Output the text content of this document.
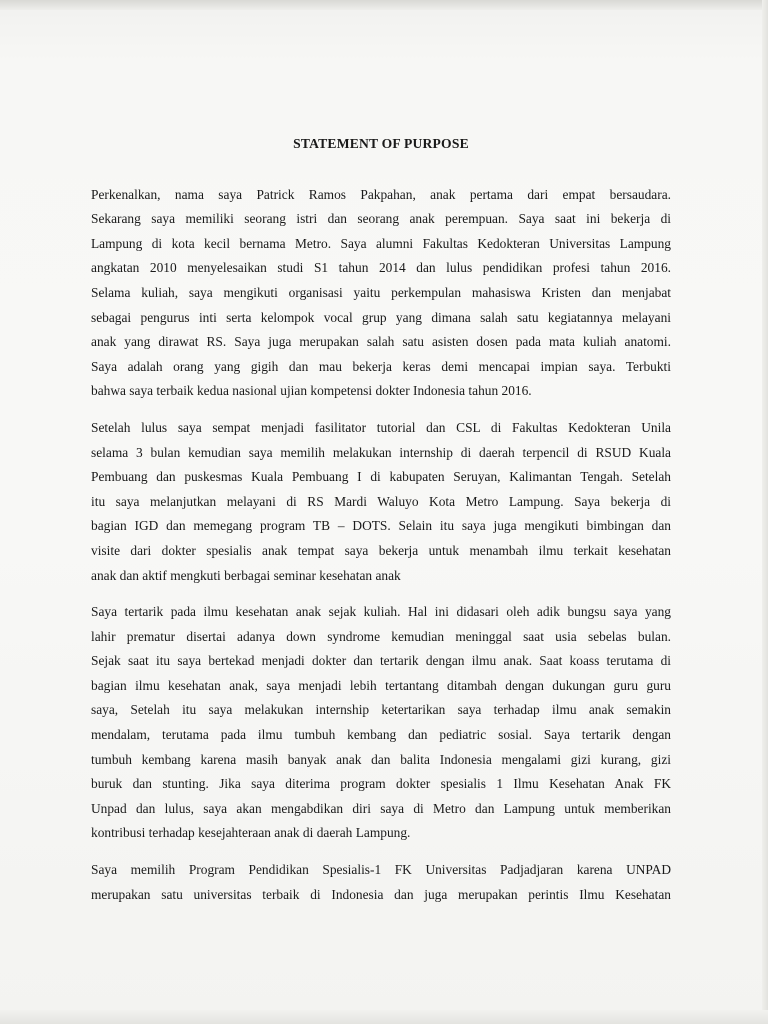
STATEMENT OF PURPOSE
Perkenalkan, nama saya Patrick Ramos Pakpahan, anak pertama dari empat bersaudara.
Sekarang saya memiliki seorang istri dan seorang anak perempuan. Saya saat ini bekerja di
Lampung di kota kecil bernama Metro. Saya alumni Fakultas Kedokteran Universitas Lampung
angkatan 2010 menyelesaikan studi S1 tahun 2014 dan lulus pendidikan profesi tahun 2016.
Selama kuliah, saya mengikuti organisasi yaitu perkempulan mahasiswa Kristen dan menjabat
sebagai pengurus inti serta kelompok vocal grup yang dimana salah satu kegiatannya melayani
anak yang dirawat RS. Saya juga merupakan salah satu asisten dosen pada mata kuliah anatomi.
Saya adalah orang yang gigih dan mau bekerja keras demi mencapai impian saya. Terbukti
bahwa saya terbaik kedua nasional ujian kompetensi dokter Indonesia tahun 2016.
Setelah lulus saya sempat menjadi fasilitator tutorial dan CSL di Fakultas Kedokteran Unila
selama 3 bulan kemudian saya memilih melakukan internship di daerah terpencil di RSUD Kuala
Pembuang dan puskesmas Kuala Pembuang I di kabupaten Seruyan, Kalimantan Tengah. Setelah
itu saya melanjutkan melayani di RS Mardi Waluyo Kota Metro Lampung. Saya bekerja di
bagian IGD dan memegang program TB – DOTS. Selain itu saya juga mengikuti bimbingan dan
visite dari dokter spesialis anak tempat saya bekerja untuk menambah ilmu terkait kesehatan
anak dan aktif mengkuti berbagai seminar kesehatan anak
Saya tertarik pada ilmu kesehatan anak sejak kuliah. Hal ini didasari oleh adik bungsu saya yang
lahir prematur disertai adanya down syndrome kemudian meninggal saat usia sebelas bulan.
Sejak saat itu saya bertekad menjadi dokter dan tertarik dengan ilmu anak. Saat koass terutama di
bagian ilmu kesehatan anak, saya menjadi lebih tertantang ditambah dengan dukungan guru guru
saya, Setelah itu saya melakukan internship ketertarikan saya terhadap ilmu anak semakin
mendalam, terutama pada ilmu tumbuh kembang dan pediatric sosial. Saya tertarik dengan
tumbuh kembang karena masih banyak anak dan balita Indonesia mengalami gizi kurang, gizi
buruk dan stunting. Jika saya diterima program dokter spesialis 1 Ilmu Kesehatan Anak FK
Unpad dan lulus, saya akan mengabdikan diri saya di Metro dan Lampung untuk memberikan
kontribusi terhadap kesejahteraan anak di daerah Lampung.
Saya memilih Program Pendidikan Spesialis-1 FK Universitas Padjadjaran karena UNPAD
merupakan satu universitas terbaik di Indonesia dan juga merupakan perintis Ilmu Kesehatan
